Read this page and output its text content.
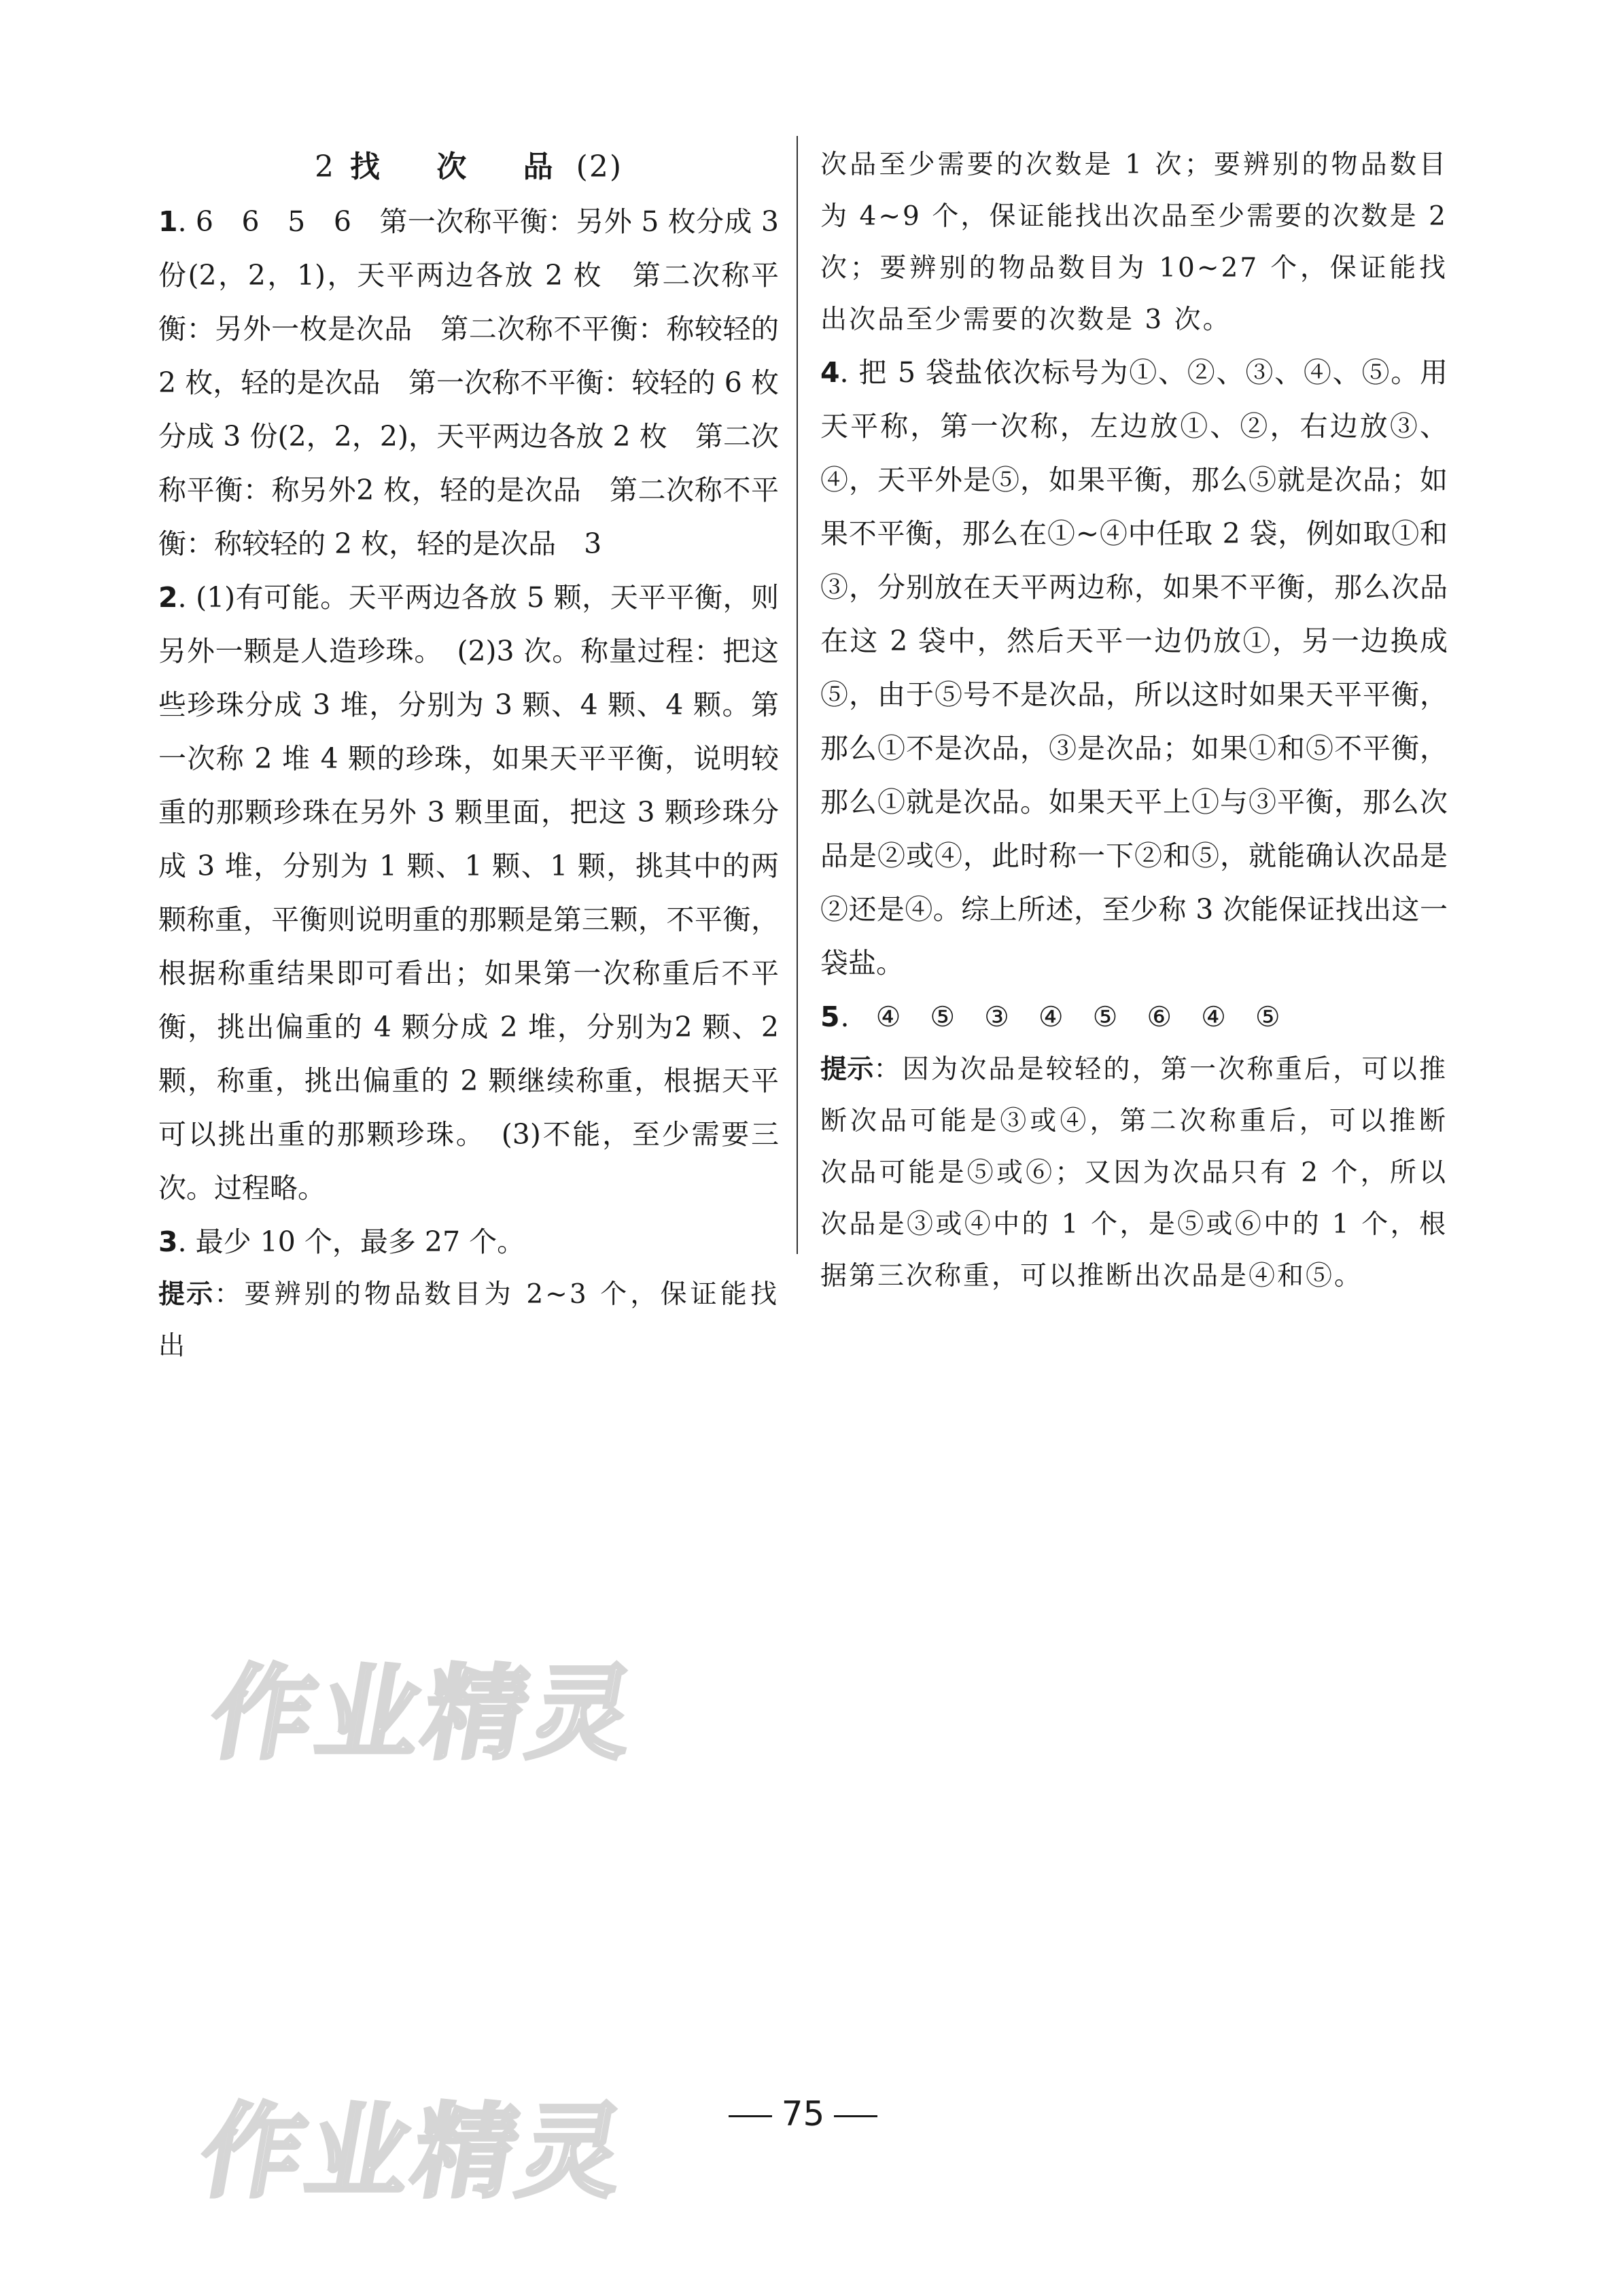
2 找 次 品(2)

1. 6　6　5　6　第一次称平衡：另外 5 枚分成 3 份(2，2，1)，天平两边各放 2 枚　第二次称平衡：另外一枚是次品　第二次称不平衡：称较轻的 2 枚，轻的是次品　第一次称不平衡：较轻的 6 枚分成 3 份(2，2，2)，天平两边各放 2 枚　第二次称平衡：称另外2 枚，轻的是次品　第二次称不平衡：称较轻的 2 枚，轻的是次品　3

2. (1)有可能。天平两边各放 5 颗，天平平衡，则另外一颗是人造珍珠。　(2)3 次。称量过程：把这些珍珠分成 3 堆，分别为 3 颗、4 颗、4 颗。第一次称 2 堆 4 颗的珍珠，如果天平平衡，说明较重的那颗珍珠在另外 3 颗里面，把这 3 颗珍珠分成 3 堆，分别为 1 颗、1 颗、1 颗，挑其中的两颗称重，平衡则说明重的那颗是第三颗，不平衡，根据称重结果即可看出；如果第一次称重后不平衡，挑出偏重的 4 颗分成 2 堆，分别为2 颗、2 颗，称重，挑出偏重的 2 颗继续称重，根据天平可以挑出重的那颗珍珠。　(3)不能，至少需要三次。过程略。

3. 最少 10 个，最多 27 个。

提示：要辨别的物品数目为 2~3 个，保证能找出

次品至少需要的次数是 1 次；要辨别的物品数目为 4~9 个，保证能找出次品至少需要的次数是 2 次；要辨别的物品数目为 10~27 个，保证能找出次品至少需要的次数是 3 次。

4. 把 5 袋盐依次标号为①、②、③、④、⑤。用天平称，第一次称，左边放①、②，右边放③、④，天平外是⑤，如果平衡，那么⑤就是次品；如果不平衡，那么在①~④中任取 2 袋，例如取①和③，分别放在天平两边称，如果不平衡，那么次品在这 2 袋中，然后天平一边仍放①，另一边换成⑤，由于⑤号不是次品，所以这时如果天平平衡，那么①不是次品，③是次品；如果①和⑤不平衡，那么①就是次品。如果天平上①与③平衡，那么次品是②或④，此时称一下②和⑤，就能确认次品是②还是④。综上所述，至少称 3 次能保证找出这一袋盐。

5. ④　⑤　③　④　⑤　⑥　④　⑤

提示：因为次品是较轻的，第一次称重后，可以推断次品可能是③或④，第二次称重后，可以推断次品可能是⑤或⑥；又因为次品只有 2 个，所以次品是③或④中的 1 个，是⑤或⑥中的 1 个，根据第三次称重，可以推断出次品是④和⑤。

作业精灵
作业精灵	75
